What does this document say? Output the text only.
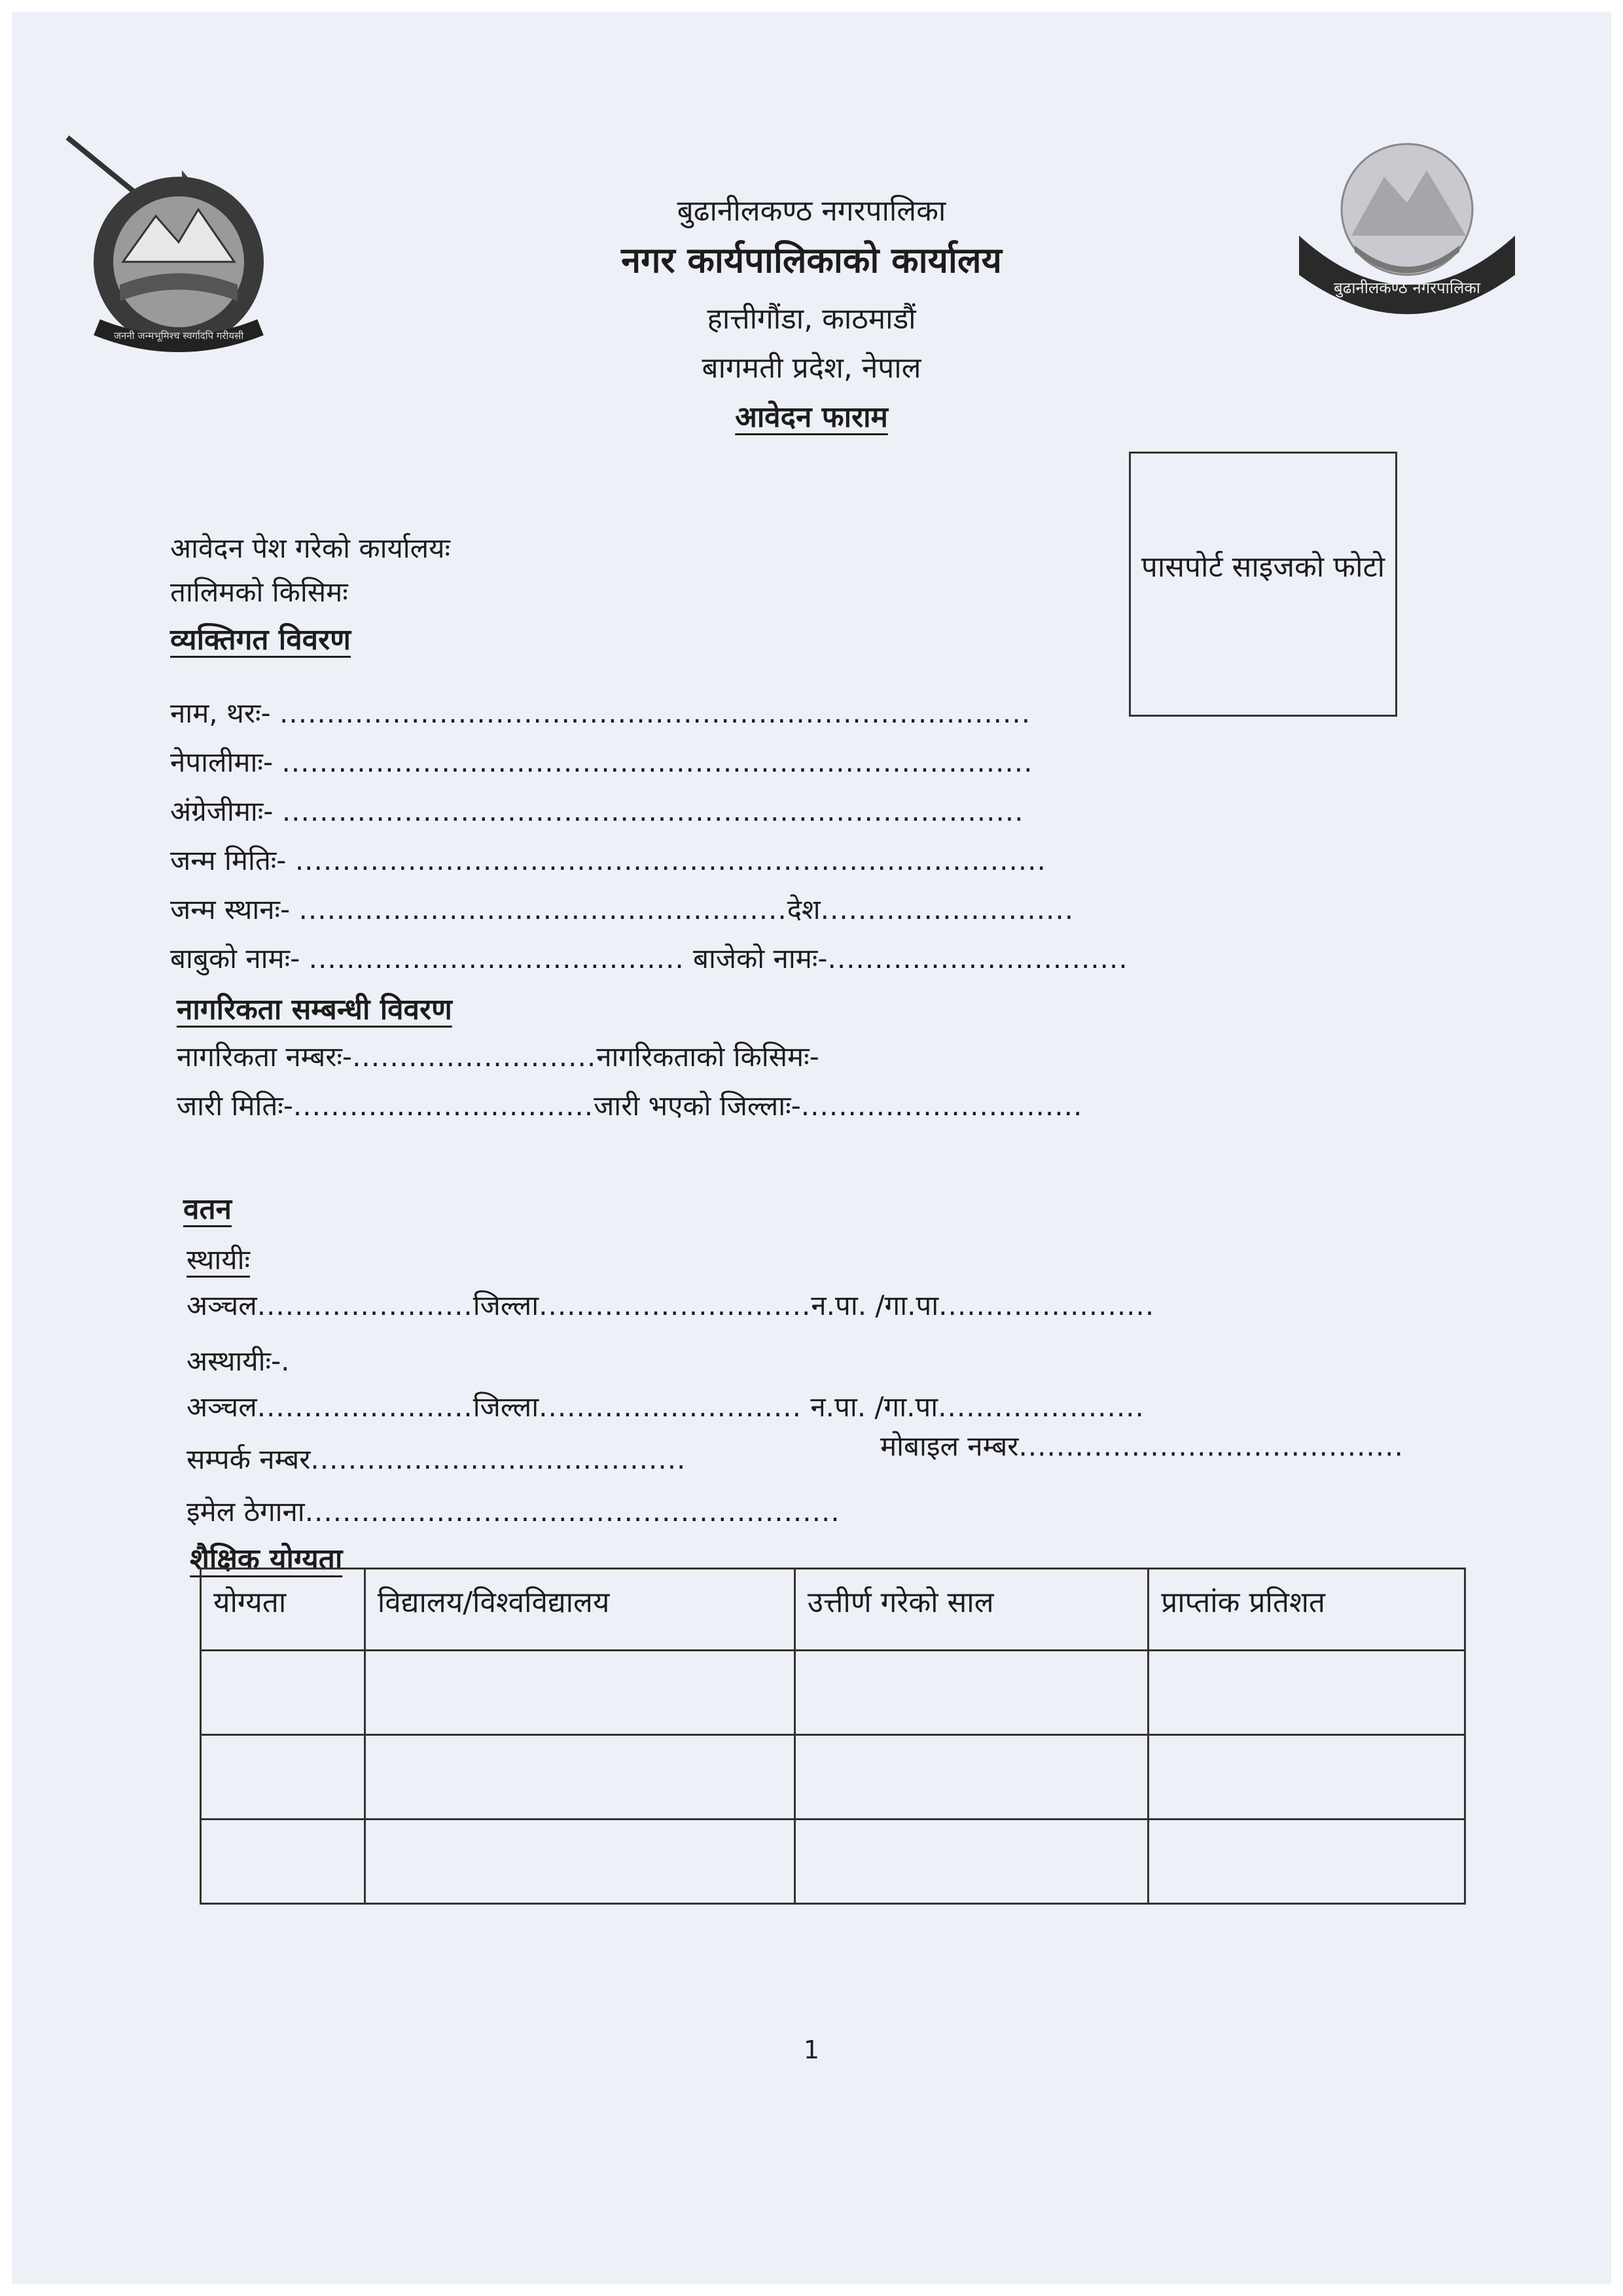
जननी जन्मभूमिश्च स्वर्गादपि गरीयसी
बुढानीलकण्ठ नगरपालिका
बुढानीलकण्ठ नगरपालिका
नगर कार्यपालिकाको कार्यालय
हात्तीगौंडा, काठमाडौं
बागमती प्रदेश, नेपाल
आवेदन फाराम
पासपोर्ट साइजको फोटो
आवेदन पेश गरेको कार्यालयः
तालिमको किसिमः
व्यक्तिगत विवरण
नाम, थरः- ................................................................................
नेपालीमाः- ................................................................................
अंग्रेजीमाः- ...............................................................................
जन्म मितिः- ................................................................................
जन्म स्थानः- ....................................................देश...........................
बाबुको नामः- ........................................ बाजेको नामः-................................
नागरिकता सम्बन्धी विवरण
नागरिकता नम्बरः-..........................नागरिकताको किसिमः-
जारी मितिः-................................जारी भएको जिल्लाः-..............................
वतन
स्थायीः
अञ्चल.......................जिल्ला.............................न.पा. /गा.पा.......................
अस्थायीः-.
अञ्चल.......................जिल्ला............................ न.पा. /गा.पा......................
सम्पर्क नम्बर........................................	मोबाइल नम्बर.........................................
इमेल ठेगाना.........................................................
शैक्षिक योग्यता
योग्यता	विद्यालय/विश्वविद्यालय	उत्तीर्ण गरेको साल	प्राप्तांक प्रतिशत

1
